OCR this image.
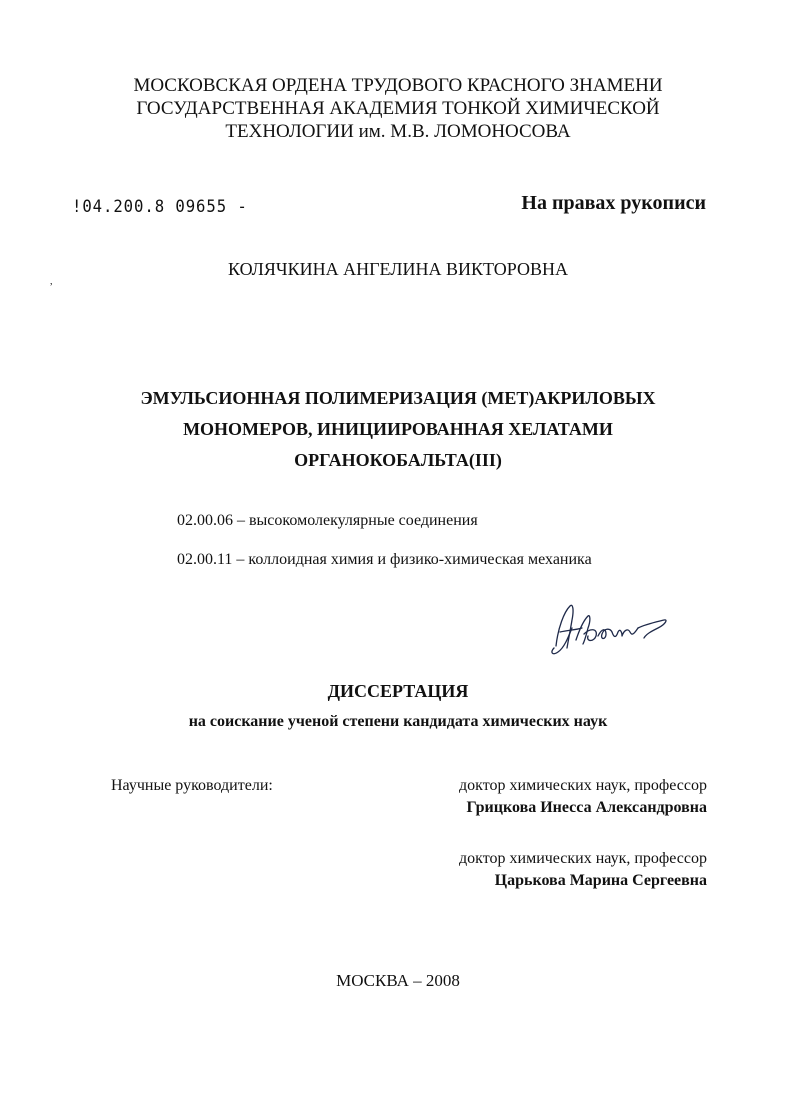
МОСКОВСКАЯ ОРДЕНА ТРУДОВОГО КРАСНОГО ЗНАМЕНИ
ГОСУДАРСТВЕННАЯ АКАДЕМИЯ ТОНКОЙ ХИМИЧЕСКОЙ
ТЕХНОЛОГИИ им. М.В. ЛОМОНОСОВА
!04.200.8 09655 -	На правах рукописи
,
КОЛЯЧКИНА АНГЕЛИНА ВИКТОРОВНА
ЭМУЛЬСИОННАЯ ПОЛИМЕРИЗАЦИЯ (МЕТ)АКРИЛОВЫХ
МОНОМЕРОВ, ИНИЦИИРОВАННАЯ ХЕЛАТАМИ
ОРГАНОКОБАЛЬТА(III)
02.00.06 – высокомолекулярные соединения
02.00.11 – коллоидная химия и физико-химическая механика
ДИССЕРТАЦИЯ
на соискание ученой степени кандидата химических наук
Научные руководители:	доктор химических наук, профессор
Грицкова Инесса Александровна
доктор химических наук, профессор
Царькова Марина Сергеевна
МОСКВА – 2008
